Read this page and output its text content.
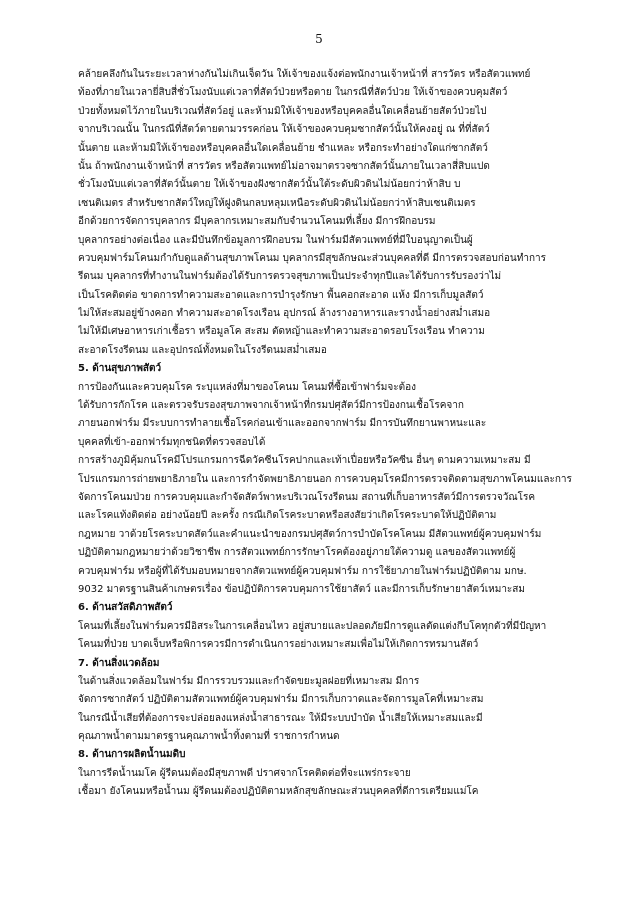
5
คล้ายคลึงกันในระยะเวลาห่างกันไม่เกินเจ็ดวัน ให้เจ้าของแจ้งต่อพนักงานเจ้าหน้าที่ สารวัตร หรือสัตวแพทย์
ท้องที่ภายในเวลายี่สิบสี่ชั่วโมงนับแต่เวลาที่สัตว์ป่วยหรือตาย ในกรณีที่สัตว์ป่วย ให้เจ้าของควบคุมสัตว์
ป่วยทั้งหมดไว้ภายในบริเวณที่สัตว์อยู่ และห้ามมิให้เจ้าของหรือบุคคลอื่นใดเคลื่อนย้ายสัตว์ป่วยไป
จากบริเวณนั้น ในกรณีที่สัตว์ตายตามวรรคก่อน ให้เจ้าของควบคุมซากสัตว์นั้นให้คงอยู่ ณ ที่ที่สัตว์
นั้นตาย และห้ามมิให้เจ้าของหรือบุคคลอื่นใดเคลื่อนย้าย ชำแหละ หรือกระทำอย่างใดแก่ซากสัตว์
นั้น ถ้าพนักงานเจ้าหน้าที่ สารวัตร หรือสัตวแพทย์ไม่อาจมาตรวจซากสัตว์นั้นภายในเวลาสี่สิบแปด
ชั่วโมงนับแต่เวลาที่สัตว์นั้นตาย ให้เจ้าของฝังซากสัตว์นั้นใต้ระดับผิวดินไม่น้อยกว่าห้าสิบ บ
เซนติเมตร สำหรับซากสัตว์ใหญ่ให้ฝูงดินกลบหลุมเหนือระดับผิวดินไม่น้อยกว่าห้าสิบเซนติเมตร
อีกด้วยการจัดการบุคลากร มีบุคลากรเหมาะสมกับจำนวนโคนมที่เลี้ยง มีการฝึกอบรม
บุคลากรอย่างต่อเนื่อง และมีบันทึกข้อมูลการฝึกอบรม ในฟาร์มมีสัตวแพทย์ที่มีใบอนุญาตเป็นผู้
ควบคุมฟาร์มโคนมกำกับดูแลด้านสุขภาพโคนม บุคลากรมีสุขลักษณะส่วนบุคคลที่ดี มีการตรวจสอบก่อนทำการ
รีดนม บุคลากรที่ทำงานในฟาร์มต้องได้รับการตรวจสุขภาพเป็นประจำทุกปีและได้รับการรับรองว่าไม่
เป็นโรคติดต่อ ขาดการทำความสะอาดและการบำรุงรักษา พื้นคอกสะอาด แห้ง มีการเก็บมูลสัตว์
ไม่ให้สะสมอยู่ข้างคอก ทำความสะอาดโรงเรือน อุปกรณ์ ล้างรางอาหารและรางน้ำอย่างสม่ำเสมอ
ไม่ให้มีเศษอาหารเก่าเชื้อรา หรือมูลโค สะสม ตัดหญ้าและทำความสะอาดรอบโรงเรือน ทำความ
สะอาดโรงรีดนม และอุปกรณ์ทั้งหมดในโรงรีดนมสม่ำเสมอ
5. ด้านสุขภาพสัตว์
การป้องกันและควบคุมโรค ระบุแหล่งที่มาของโคนม โคนมที่ซื้อเข้าฟาร์มจะต้อง
ได้รับการกักโรค และตรวจรับรองสุขภาพจากเจ้าหน้าที่กรมปศุสัตว์มีการป้องกนเชื้อโรคจาก
ภายนอกฟาร์ม มีระบบการทำลายเชื้อโรคก่อนเข้าและออกจากฟาร์ม มีการบันทึกยานพาหนะและ
บุคคลที่เข้า-ออกฟาร์มทุกชนิดที่ตรวจสอบได้
การสร้างภูมิคุ้มกนโรคมีโปรแกรมการฉีดวัคซีนโรคปากและเท้าเปื่อยหรือวัคซีน อื่นๆ ตามความเหมาะสม มี
โปรแกรมการถ่ายพยาธิภายใน และการกำจัดพยาธิภายนอก การควบคุมโรคมีการตรวจติดตามสุขภาพโคนมและการ
จัดการโคนมป่วย การควบคุมและกำจัดสัตว์พาหะบริเวณโรงรีดนม สถานที่เก็บอาหารสัตว์มีการตรวจวัณโรค
และโรคแท้งติดต่อ อย่างน้อยปี ละครั้ง กรณีเกิดโรคระบาดหรือสงสัยว่าเกิดโรคระบาดให้ปฏิบัติตาม
กฎหมาย วาด้วยโรคระบาดสัตว์และคำแนะนำของกรมปศุสัตว์การบำบัดโรคโคนม มีสัตวแพทย์ผู้ควบคุมฟาร์ม
ปฏิบัติตามกฎหมายว่าด้วยวิชาชีพ การสัตวแพทย์การรักษาโรคต้องอยู่ภายใต้ความดู แลของสัตวแพทย์ผู้
ควบคุมฟาร์ม หรือผู้ที่ได้รับมอบหมายจากสัตวแพทย์ผู้ควบคุมฟาร์ม การใช้ยาภายในฟาร์มปฏิบัติตาม มกษ.
9032 มาตรฐานสินค้าเกษตรเรื่อง ข้อปฏิบัติการควบคุมการใช้ยาสัตว์ และมีการเก็บรักษายาสัตว์เหมาะสม
6. ด้านสวัสดิภาพสัตว์
โคนมที่เลี้ยงในฟาร์มควรมีอิสระในการเคลื่อนไหว อยู่สบายและปลอดภัยมีการดูแลตัดแต่งกีบโคทุกตัวที่มีปัญหา
โคนมที่ป่วย บาดเจ็บหรือพิการควรมีการดำเนินการอย่างเหมาะสมเพื่อไม่ให้เกิดการทรมานสัตว์
7. ด้านสิ่งแวดล้อม
ในด้านสิ่งแวดล้อมในฟาร์ม มีการรวบรวมและกำจัดขยะมูลฝอยที่เหมาะสม มีการ
จัดการซากสัตว์ ปฏิบัติตามสัตวแพทย์ผู้ควบคุมฟาร์ม มีการเก็บกวาดและจัดการมูลโคที่เหมาะสม
ในกรณีน้ำเสียที่ต้องการจะปล่อยลงแหล่งน้ำสาธารณะ ให้มีระบบบำบัด น้ำเสียให้เหมาะสมและมี
คุณภาพน้ำตามมาตรฐานคุณภาพน้ำทิ้งตามที่ ราชการกำหนด
8. ด้านการผลิตน้ำนมดิบ
ในการรีดน้ำนมโค ผู้รีดนมต้องมีสุขภาพดี ปราศจากโรคติดต่อที่จะแพร่กระจาย
เชื้อมา ยังโคนมหรือน้ำนม ผู้รีดนมต้องปฏิบัติตามหลักสุขลักษณะส่วนบุคคลที่ดีการเตรียมแม่โค
